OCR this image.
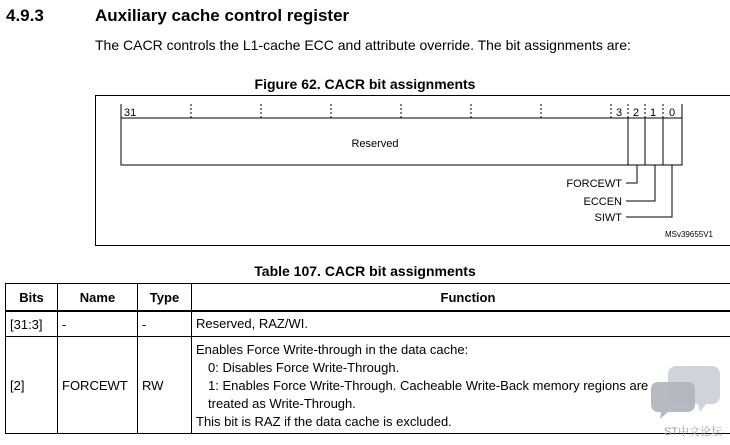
4.9.3	Auxiliary cache control register
The CACR controls the L1-cache ECC and attribute override. The bit assignments are:
Figure 62. CACR bit assignments
31	3 2 1 0
Reserved
FORCEWT
ECCEN
SIWT
MSv39655V1
Table 107. CACR bit assignments
Bits	Name	Type	Function
[31:3]	-	-	Reserved, RAZ/WI.

[2]	FORCEWT	RW	Enables Force Write-through in the data cache:
0: Disables Force Write-Through.
1: Enables Force Write-Through. Cacheable Write-Back memory regions are
treated as Write-Through.
This bit is RAZ if the data cache is excluded.
ST中文论坛
